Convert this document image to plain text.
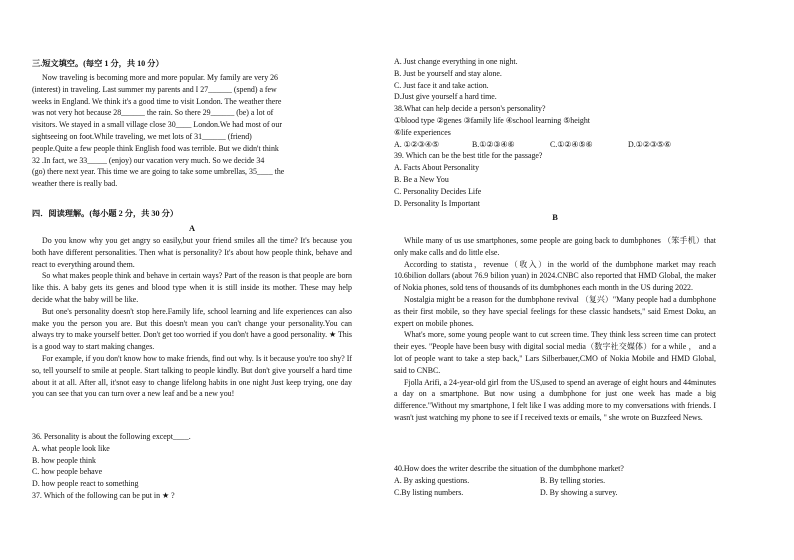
三.短文填空。(每空 1 分，共 10 分）

Now traveling is becoming more and more popular. My family are very 26

(interest) in traveling. Last summer my parents and I 27______ (spend) a few

weeks in England. We think it's a good time to visit London. The weather there

was not very hot because 28______ the rain. So there 29______ (be) a lot of

visitors. We stayed in a small village close 30____ London.We had most of our

sightseeing on foot.While traveling, we met lots of 31______ (friend)

people.Quite a few people think English food was terrible. But we didn't think

32 .In fact, we 33_____ (enjoy) our vacation very much. So we decide 34

(go) there next year. This time we are going to take some umbrellas, 35____ the

weather there is really bad.

四．阅读理解。(每小题 2 分，共 30 分）
A

Do you know why you get angry so easily,but your friend smiles all the time? It's because you both have different personalities. Then what is personality? It's about how people think, behave and react to everything around them.

So what makes people think and behave in certain ways? Part of the reason is that people are born like this. A baby gets its genes and blood type when it is still inside its mother. These may help decide what the baby will be like.

But one's personality doesn't stop here.Family life, school learning and life experiences can also make you the person you are. But this doesn't mean you can't change your personality.You can always try to make yourself better. Don't get too worried if you don't have a good personality. ★ This is a good way to start making changes.

For example, if you don't know how to make friends, find out why. Is it because you're too shy? If so, tell yourself to smile at people. Start talking to people kindly. But don't give yourself a hard time about it at all. After all, it'snot easy to change lifelong habits in one night Just keep trying, one day you can see that you can turn over a new leaf and be a new you!

36. Personality is about the following except____.

A. what people look like

B. how people think

C. how people behave

D. how people react to something

37. Which of the following can be put in ★ ?

A. Just change everything in one night.

B. Just be yourself and stay alone.

C. Just face it and take action.

D.Just give yourself a hard time.

38.What can help decide a person's personality?

①blood type ②genes ③family life ④school learning ⑤height

⑥life experiences

A. ①②③④⑤	B.①②③④⑥	C.①②④⑤⑥	D.①②③⑤⑥

39. Which can be the best title for the passage?

A. Facts About Personality

B. Be a New You

C. Personality Decides Life

D. Personality Is Important

B

While many of us use smartphones, some people are going back to dumbphones （笨手机）that only make calls and do little else.

According to statista，revenue（收入）in the world of the dumbphone market may reach 10.6bilion dollars (about 76.9 bilion yuan) in 2024.CNBC also reported that HMD Global, the maker of Nokia phones, sold tens of thousands of its dumbphones each month in the US during 2022.

Nostalgia might be a reason for the dumbphone revival （复兴）"Many people had a dumbphone as their first mobile, so they have special feelings for these classic handsets," said Ernest Doku, an expert on mobile phones.

What's more, some young people want to cut screen time. They think less screen time can protect their eyes. "People have been busy with digital social media（数字社交媒体）for a while ， and a lot of people want to take a step back," Lars Silberbauer,CMO of Nokia Mobile and HMD Global, said to CNBC.

Fjolla Arifi, a 24-year-old girl from the US,used to spend an average of eight hours and 44minutes a day on a smartphone. But now using a dumbphone for just one week has made a big difference."Without my smartphone, I felt like I was adding more to my conversations with friends. I wasn't just watching my phone to see if I received texts or emails, " she wrote on Buzzfeed News.

40.How does the writer describe the situation of the dumbphone market?

A. By asking questions.	B. By telling stories.

C.By listing numbers.	D. By showing a survey.
